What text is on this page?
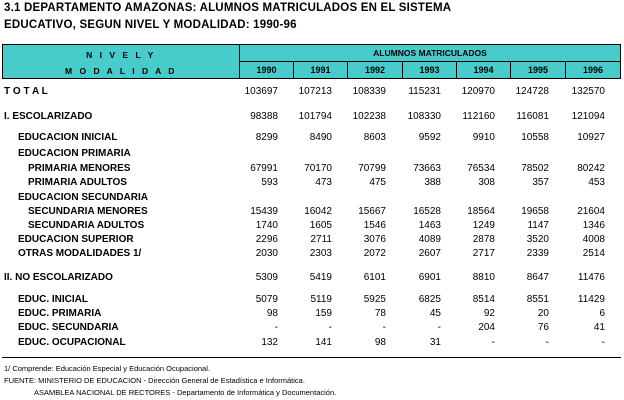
3.1 DEPARTAMENTO AMAZONAS: ALUMNOS MATRICULADOS EN EL SISTEMA
EDUCATIVO, SEGUN NIVEL Y MODALIDAD: 1990-96
N I V E L Y
M O D A L I D A D
ALUMNOS MATRICULADOS
1990	1991	1992	1993	1994	1995	1996
T O T A L	103697	107213	108339	115231	120970	124728	132570
I. ESCOLARIZADO	98388	101794	102238	108330	112160	116081	121094
EDUCACION INICIAL	8299	8490	8603	9592	9910	10558	10927
EDUCACION PRIMARIA
PRIMARIA MENORES	67991	70170	70799	73663	76534	78502	80242
PRIMARIA ADULTOS	593	473	475	388	308	357	453
EDUCACION SECUNDARIA
SECUNDARIA MENORES	15439	16042	15667	16528	18564	19658	21604
SECUNDARIA ADULTOS	1740	1605	1546	1463	1249	1147	1346
EDUCACION SUPERIOR	2296	2711	3076	4089	2878	3520	4008
OTRAS MODALIDADES 1/	2030	2303	2072	2607	2717	2339	2514
II. NO ESCOLARIZADO	5309	5419	6101	6901	8810	8647	11476
EDUC. INICIAL	5079	5119	5925	6825	8514	8551	11429
EDUC. PRIMARIA	98	159	78	45	92	20	6
EDUC. SECUNDARIA	-	-	-	-	204	76	41
EDUC. OCUPACIONAL	132	141	98	31	-	-	-
1/ Comprende: Educación Especial y Educación Ocupacional.
FUENTE: MINISTERIO DE EDUCACION - Dirección General de Estadística e Informática.
ASAMBLEA NACIONAL DE RECTORES - Departamento de Informática y Documentación.
